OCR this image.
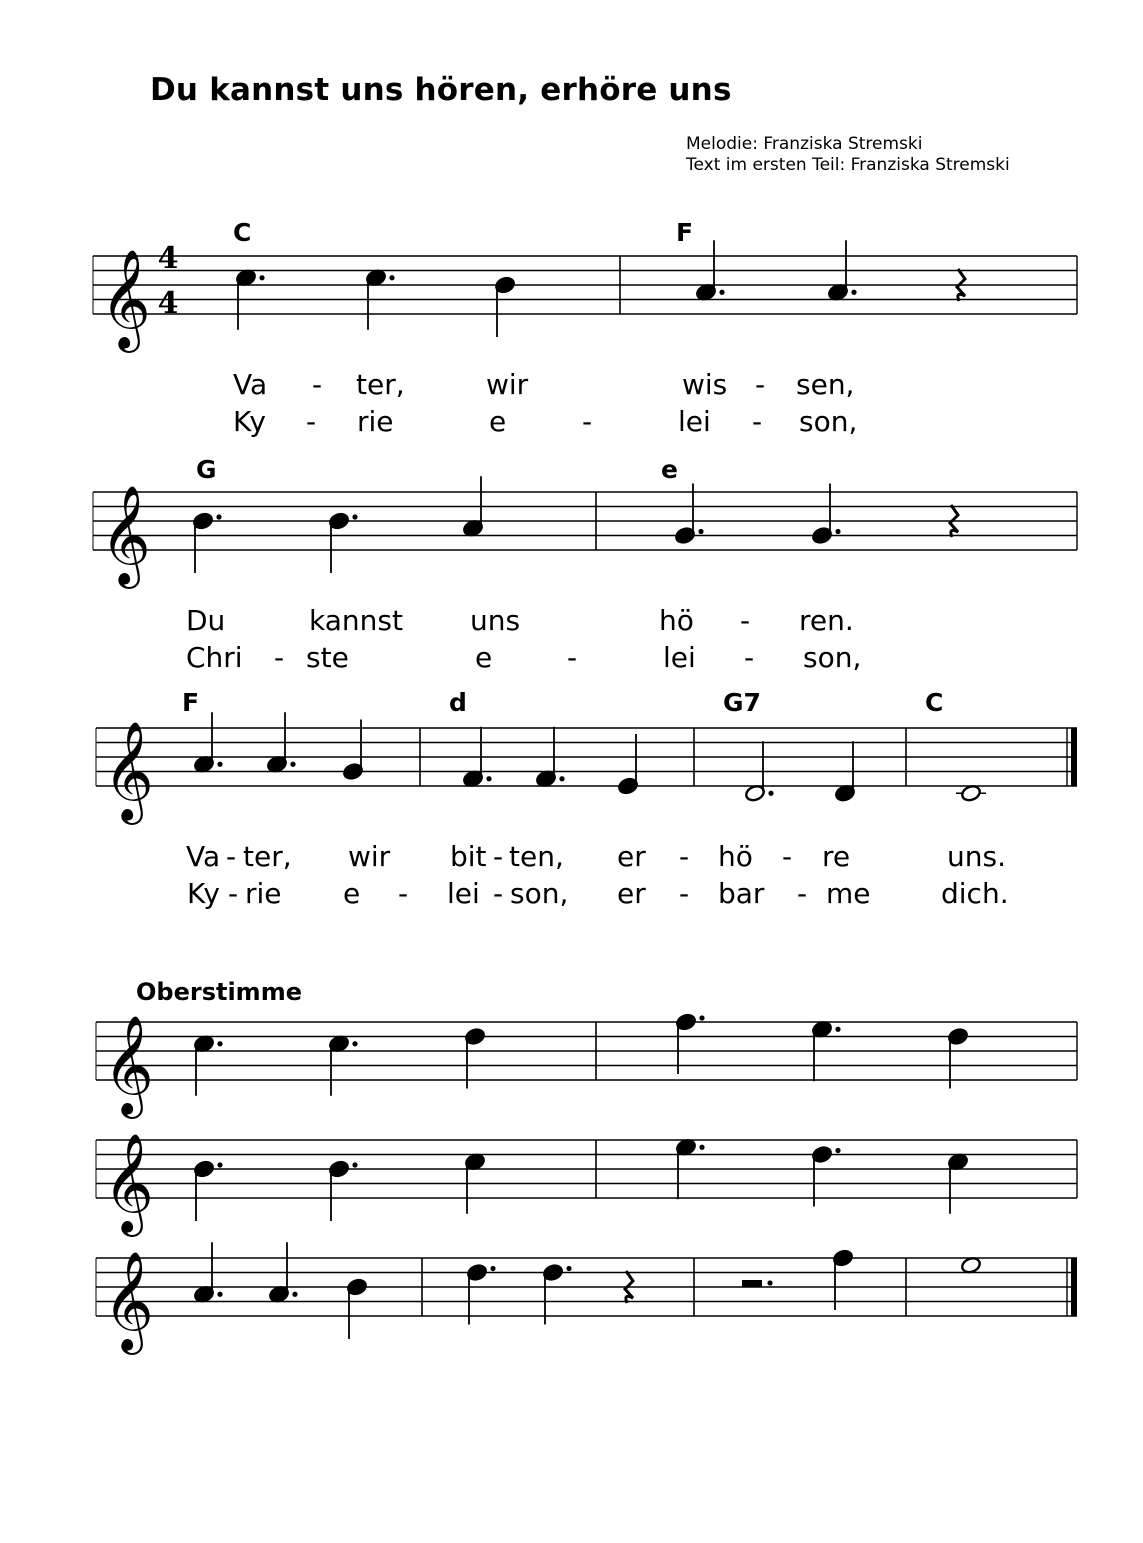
Du kannst uns hören, erhöre uns
Melodie: Franziska Stremski
Text im ersten Teil: Franziska Stremski
C	F
G	e
F	d	G7	C
Va - ter,	wir	wis - sen,
Ky - rie	e	-	lei - son,
Du	kannst uns	hö - ren.
Chri - ste	e	-	lei - son,
Va - ter, wir bit - ten, er - hö - re	uns.
Ky - rie e - lei - son, er - bar - me	dich.
Oberstimme
𝄞
𝄞
𝄞
𝄞
𝄞
𝄞
4
4
